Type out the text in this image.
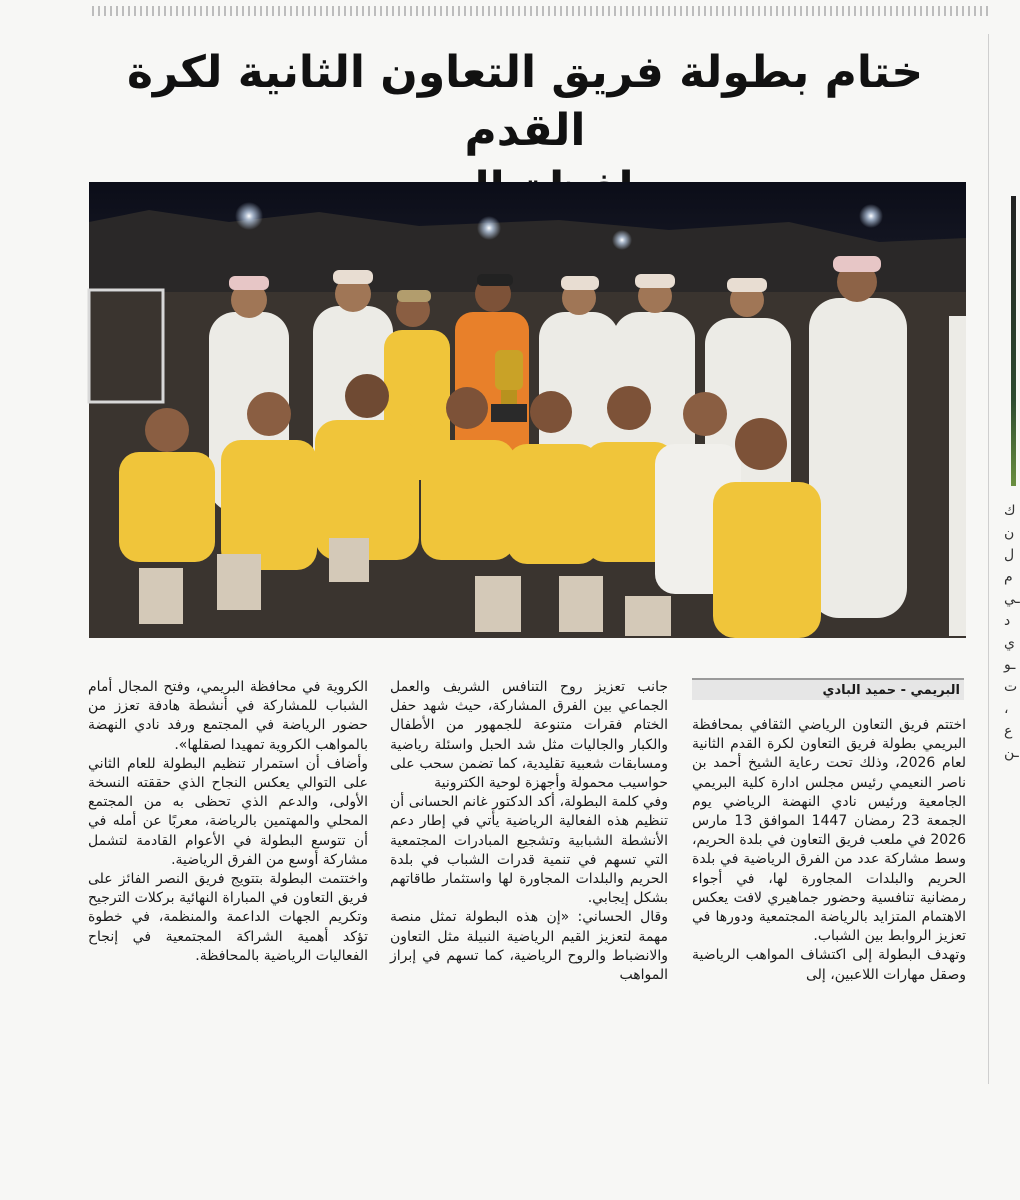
ك
ن
ل
م
ـي
د
ي
ـو
ت
،
ع
ـن
ختام بطولة فريق التعاون الثانية لكرة القدم

البريمي - حميد البادي

اختتم فريق التعاون الرياضي الثقافي بمحافظة البريمي بطولة فريق التعاون لكرة القدم الثانية لعام 2026، وذلك تحت رعاية الشيخ أحمد بن ناصر النعيمي رئيس مجلس ادارة كلية البريمي الجامعية ورئيس نادي النهضة الرياضي يوم الجمعة 23 رمضان 1447 الموافق 13 مارس 2026 في ملعب فريق التعاون في بلدة الحريم، وسط مشاركة عدد من الفرق الرياضية في بلدة الحريم والبلدات المجاورة لها، في أجواء رمضانية تنافسية وحضور جماهيري لافت يعكس الاهتمام المتزايد بالرياضة المجتمعية ودورها في تعزيز الروابط بين الشباب.

وتهدف البطولة إلى اكتشاف المواهب الرياضية وصقل مهارات اللاعبين، إلى

جانب تعزيز روح التنافس الشريف والعمل الجماعي بين الفرق المشاركة، حيث شهد حفل الختام فقرات متنوعة للجمهور من الأطفال والكبار والجاليات مثل شد الحبل واسئلة رياضية ومسابقات شعبية تقليدية، كما تضمن سحب على حواسيب محمولة وأجهزة لوحية الكترونية

وفي كلمة البطولة، أكد الدكتور غانم الحسانى أن تنظيم هذه الفعالية الرياضية يأتي في إطار دعم الأنشطة الشبابية وتشجيع المبادرات المجتمعية التي تسهم في تنمية قدرات الشباب في بلدة الحريم والبلدات المجاورة لها واستثمار طاقاتهم بشكل إيجابي.

وقال الحساني: «إن هذه البطولة تمثل منصة مهمة لتعزيز القيم الرياضية النبيلة مثل التعاون والانضباط والروح الرياضية، كما تسهم في إبراز المواهب

الكروية في محافظة البريمي، وفتح المجال أمام الشباب للمشاركة في أنشطة هادفة تعزز من حضور الرياضة في المجتمع ورفد نادي النهضة بالمواهب الكروية تمهيدا لصقلها».

وأضاف أن استمرار تنظيم البطولة للعام الثاني على التوالي يعكس النجاح الذي حققته النسخة الأولى، والدعم الذي تحظى به من المجتمع المحلي والمهتمين بالرياضة، معربًا عن أمله في أن تتوسع البطولة في الأعوام القادمة لتشمل مشاركة أوسع من الفرق الرياضية.

واختتمت البطولة بتتويج فريق النصر الفائز على فريق التعاون في المباراة النهائية بركلات الترجيح وتكريم الجهات الداعمة والمنظمة، في خطوة تؤكد أهمية الشراكة المجتمعية في إنجاح الفعاليات الرياضية بالمحافظة.
